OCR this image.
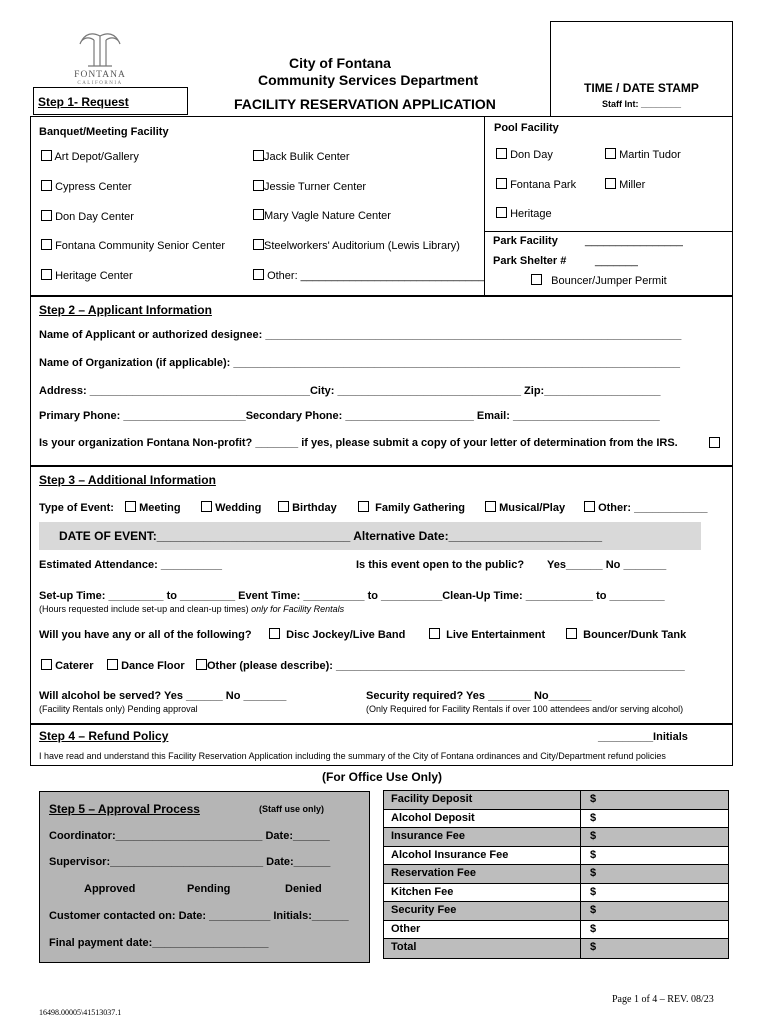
FONTANA
CALIFORNIA
City of Fontana
Community Services Department
FACILITY RESERVATION APPLICATION
Step 1- Request
TIME / DATE STAMP
Staff Int: ________
Banquet/Meeting Facility
Art Depot/Gallery
Cypress Center
Don Day Center
Fontana Community Senior Center
Heritage Center
Jack Bulik Center
Jessie Turner Center
Mary Vagle Nature Center
Steelworkers' Auditorium (Lewis Library)
Other: ______________________________
Pool Facility
Don Day
Fontana Park
Heritage
Martin Tudor
Miller
Park Facility ________________
Park Shelter #	_______
Bouncer/Jumper Permit
Step 2 – Applicant Information
Name of Applicant or authorized designee: ____________________________________________________________________
Name of Organization (if applicable): _________________________________________________________________________
Address: ____________________________________City: ______________________________ Zip:___________________
Primary Phone: ____________________Secondary Phone: _____________________ Email: ________________________
Is your organization Fontana Non-profit? _______ if yes, please submit a copy of your letter of determination from the IRS.
Step 3 – Additional Information
Type of Event:	Meeting	Wedding	Birthday	Family Gathering	Musical/Play	Other: ____________
DATE OF EVENT:_____________________________ Alternative Date:_______________________
Estimated Attendance: __________	Is this event open to the public? Yes______ No _______
Set-up Time: _________ to _________ Event Time: __________ to __________Clean-Up Time: ___________ to _________
(Hours requested include set-up and clean-up times) only for Facility Rentals
Will you have any or all of the following?	Disc Jockey/Live Band	Live Entertainment	Bouncer/Dunk Tank
Caterer	Dance Floor	Other (please describe): _________________________________________________________
Will alcohol be served? Yes ______ No _______
(Facility Rentals only) Pending approval
Security required? Yes _______ No_______
(Only Required for Facility Rentals if over 100 attendees and/or serving alcohol)
Step 4 – Refund Policy	_________Initials
I have read and understand this Facility Reservation Application including the summary of the City of Fontana ordinances and City/Department refund policies
(For Office Use Only)
Step 5 – Approval Process	(Staff use only)
Coordinator:________________________ Date:______
Supervisor:_________________________ Date:______
Approved	Pending	Denied
Customer contacted on: Date: __________ Initials:______
Final payment date:___________________
Facility Deposit	$
Alcohol Deposit	$
Insurance Fee	$
Alcohol Insurance Fee	$
Reservation Fee	$
Kitchen Fee	$
Security Fee	$
Other	$
Total	$
Page 1 of 4 – REV. 08/23
16498.00005\41513037.1
